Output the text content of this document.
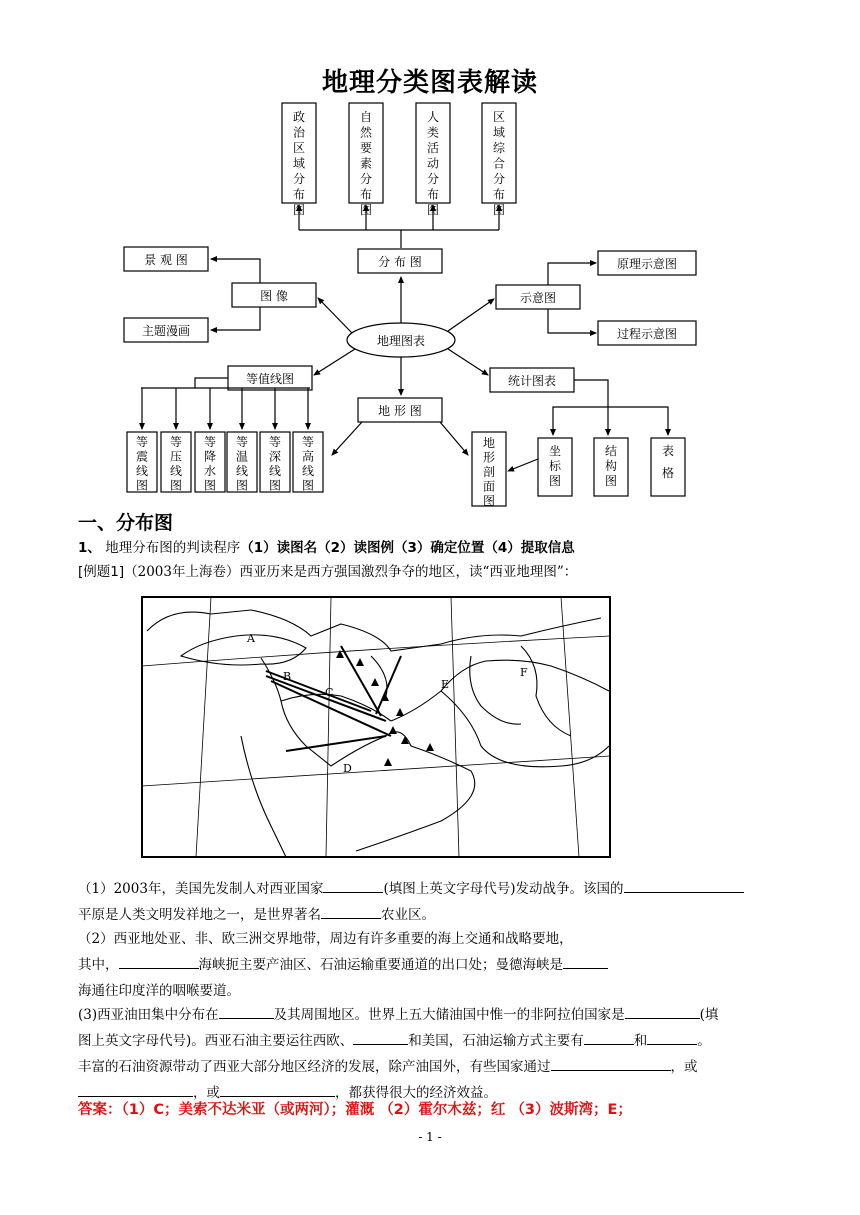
地理分类图表解读
政治区域分布图
自然要素分布图
人类活动分布图
区域综合分布图
分 布 图
地理图表
图 像
景 观 图
主题漫画
示意图
原理示意图
过程示意图
等值线图
等震线图
等压线图
等降水图
等温线图
等深线图
等高线图
地 形 图
地形剖面图
统计图表
坐标图
结构图
表格
一、分布图
1、 地理分布图的判读程序（1）读图名（2）读图例（3）确定位置（4）提取信息
[例题1]（2003年上海卷）西亚历来是西方强国激烈争夺的地区，读“西亚地理图”：
A
B
C
D
E
F
（1）2003年，美国先发制人对西亚国家	(填图上英文字母代号)发动战争。该国的
平原是人类文明发祥地之一，是世界著名	农业区。
（2）西亚地处亚、非、欧三洲交界地带，周边有许多重要的海上交通和战略要地，
其中，	海峡扼主要产油区、石油运输重要通道的出口处；曼德海峡是
海通往印度洋的咽喉要道。
(3)西亚油田集中分布在	及其周围地区。世界上五大储油国中惟一的非阿拉伯国家是	(填
图上英文字母代号)。西亚石油主要运往西欧、	和美国，石油运输方式主要有	和	。
丰富的石油资源带动了西亚大部分地区经济的发展，除产油国外，有些国家通过	，或
，或	，都获得很大的经济效益。
答案：（1）C；美索不达米亚（或两河）；灌溉 （2）霍尔木兹；红 （3）波斯湾；E；
- 1 -
